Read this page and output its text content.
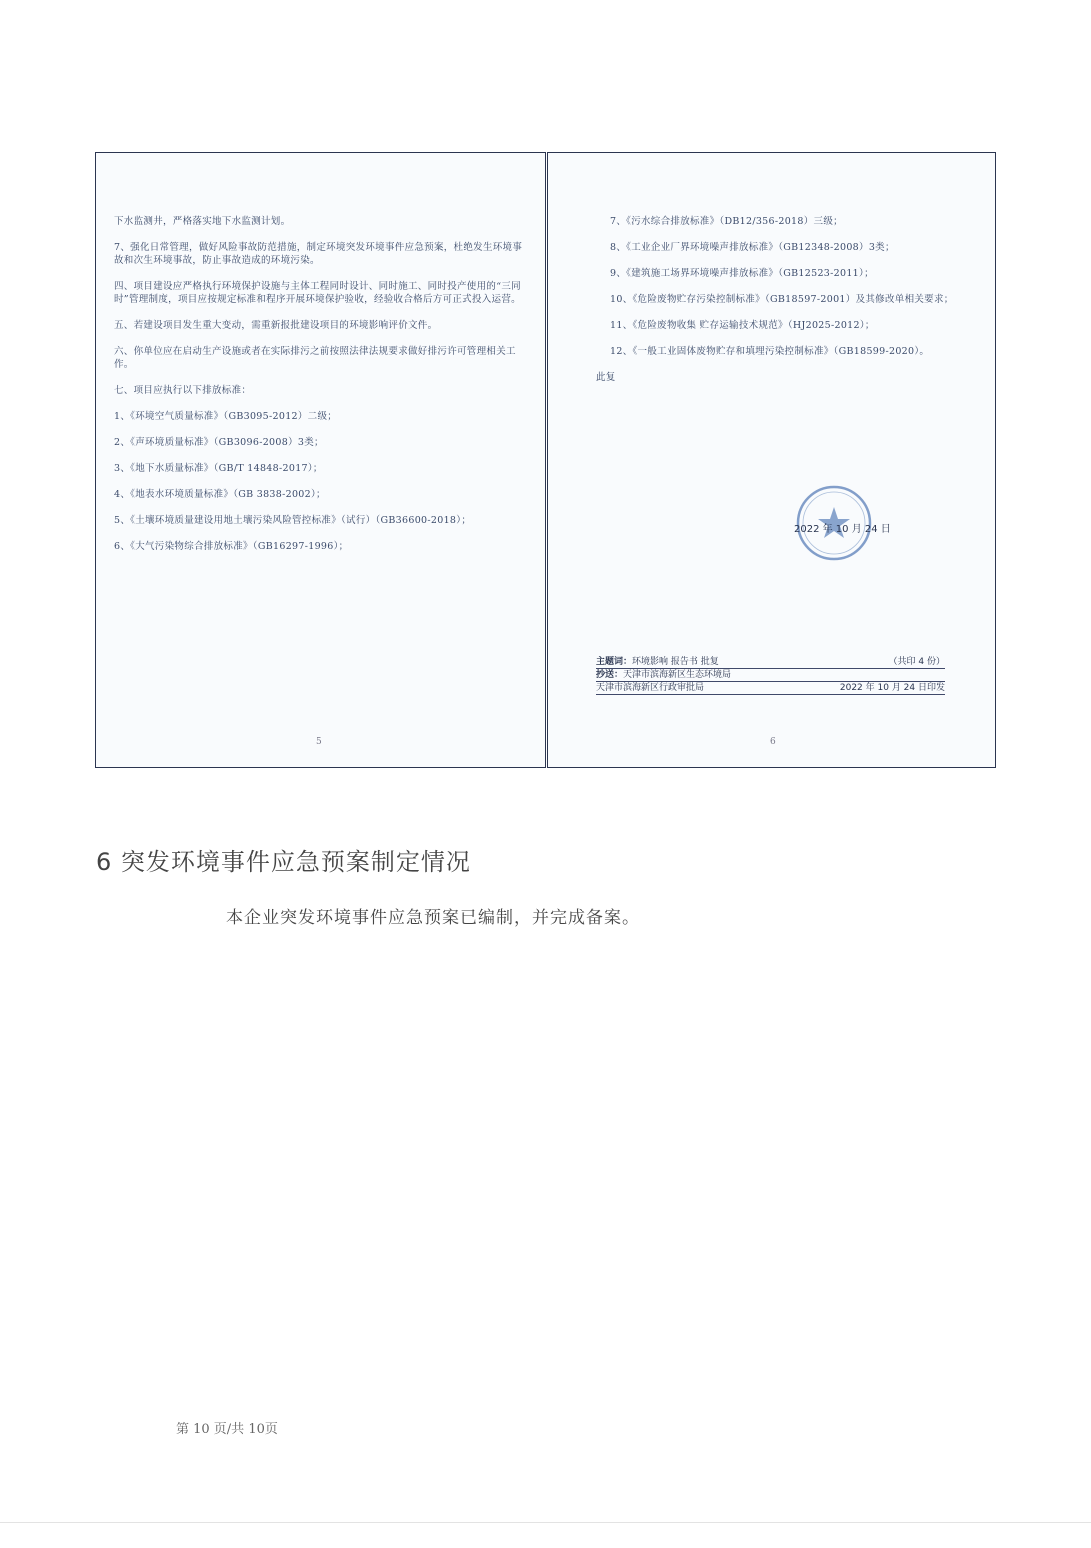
下水监测井，严格落实地下水监测计划。

7、强化日常管理，做好风险事故防范措施，制定环境突发环境事件应急预案，杜绝发生环境事故和次生环境事故，防止事故造成的环境污染。

四、项目建设应严格执行环境保护设施与主体工程同时设计、同时施工、同时投产使用的“三同时”管理制度，项目应按规定标准和程序开展环境保护验收，经验收合格后方可正式投入运营。

五、若建设项目发生重大变动，需重新报批建设项目的环境影响评价文件。

六、你单位应在启动生产设施或者在实际排污之前按照法律法规要求做好排污许可管理相关工作。

七、项目应执行以下排放标准：

1、《环境空气质量标准》（GB3095-2012）二级；

2、《声环境质量标准》（GB3096-2008）3类；

3、《地下水质量标准》（GB/T 14848-2017）；

4、《地表水环境质量标准》（GB 3838-2002）；

5、《土壤环境质量建设用地土壤污染风险管控标准》（试行）（GB36600-2018）；

6、《大气污染物综合排放标准》（GB16297-1996）；

5

7、《污水综合排放标准》（DB12/356-2018）三级；

8、《工业企业厂界环境噪声排放标准》（GB12348-2008）3类；

9、《建筑施工场界环境噪声排放标准》（GB12523-2011）；

10、《危险废物贮存污染控制标准》（GB18597-2001）及其修改单相关要求；

11、《危险废物收集 贮存运输技术规范》（HJ2025-2012）；

12、《一般工业固体废物贮存和填埋污染控制标准》（GB18599-2020）。

此复

2022 年 10 月 24 日
主题词：环境影响 报告书 批复	（共印 4 份）
抄送：天津市滨海新区生态环境局
天津市滨海新区行政审批局	2022 年 10 月 24 日印发
6
6 突发环境事件应急预案制定情况

本企业突发环境事件应急预案已编制，并完成备案。

第 10 页/共 10页
